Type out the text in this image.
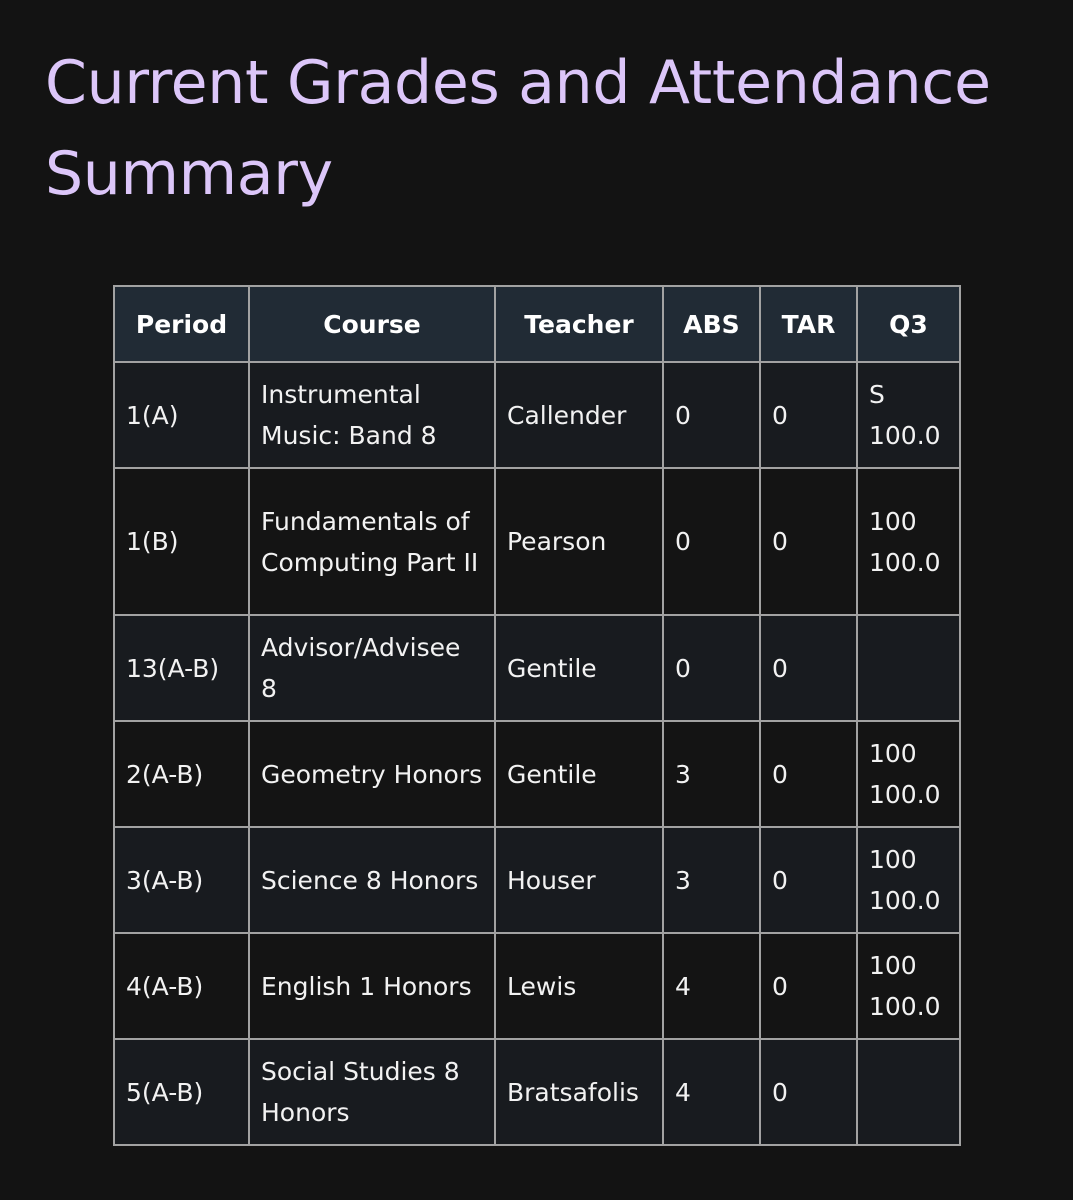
Current Grades and Attendance Summary
Period	Course	Teacher	ABS	TAR	Q3
1(A)	Instrumental Music: Band 8	Callender	0	0	S
100.0

1(B)	Fundamentals of Computing Part II	Pearson	0	0	100
100.0

13(A-B)	Advisor/Advisee 8	Gentile	0	0	

2(A-B)	Geometry Honors	Gentile	3	0	100
100.0

3(A-B)	Science 8 Honors	Houser	3	0	100
100.0

4(A-B)	English 1 Honors	Lewis	4	0	100
100.0

5(A-B)	Social Studies 8 Honors	Bratsafolis	4	0	
